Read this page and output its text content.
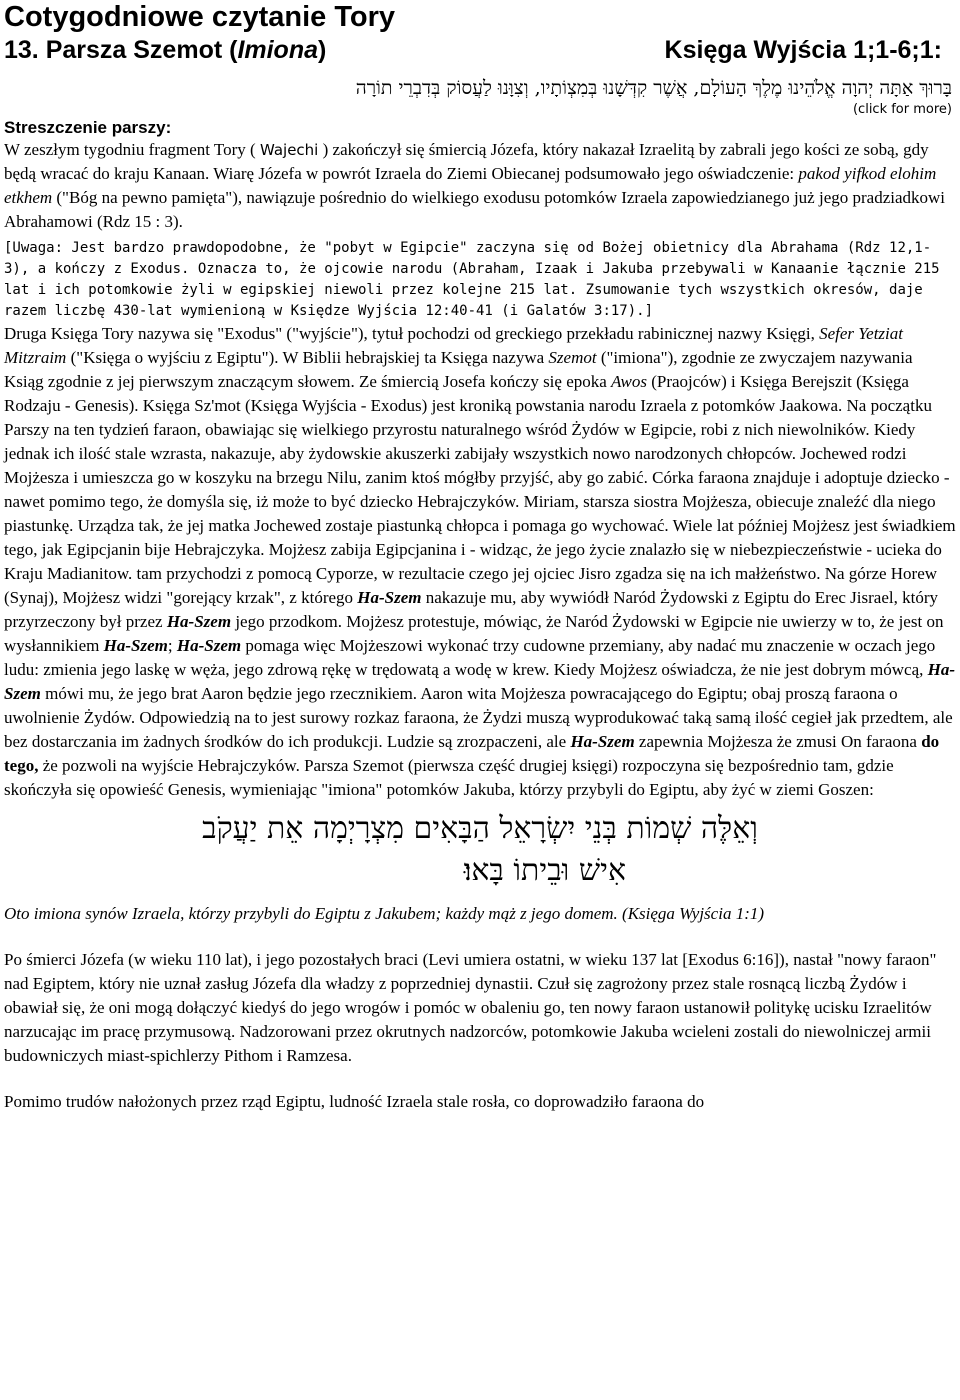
Cotygodniowe czytanie Tory
13. Parsza Szemot (Imiona)	Księga Wyjścia 1;1-6;1:
בָּרוּךְ אַתָּה יְהוָה אֱלֹהֵינוּ מֶלֶךְ הָעוֹלָם, אֲשֶׁר קִדְּשָׁנוּ בְּמִצְוֹתָיו, וְצִוָּנוּ לַעֲסוֹק בְּדִבְרֵי תוֹרָה
(click for more)
Streszczenie parszy:

W zeszłym tygodniu fragment Tory ( Wajechi ) zakończył się śmiercią Józefa, który nakazał Izraelitą by zabrali jego kości ze sobą, gdy będą wracać do kraju Kanaan. Wiarę Józefa w powrót Izraela do Ziemi Obiecanej podsumowało jego oświadczenie: pakod yifkod elohim etkhem ("Bóg na pewno pamięta"), nawiązuje pośrednio do wielkiego exodusu potomków Izraela zapowiedzianego już jego pradziadkowi Abrahamowi (Rdz 15 : 3).

[Uwaga: Jest bardzo prawdopodobne, że "pobyt w Egipcie" zaczyna się od Bożej obietnicy dla Abrahama (Rdz 12,1-3), a kończy z Exodus. Oznacza to, że ojcowie narodu (Abraham, Izaak i Jakuba przebywali w Kanaanie łącznie 215 lat i ich potomkowie żyli w egipskiej niewoli przez kolejne 215 lat. Zsumowanie tych wszystkich okresów, daje razem liczbę 430-lat wymienioną w Księdze Wyjścia 12:40-41 (i Galatów 3:17).]

Druga Księga Tory nazywa się "Exodus" ("wyjście"), tytuł pochodzi od greckiego przekładu rabinicznej nazwy Księgi, Sefer Yetziat Mitzraim ("Księga o wyjściu z Egiptu"). W Biblii hebrajskiej ta Księga nazywa Szemot ("imiona"), zgodnie ze zwyczajem nazywania Ksiąg zgodnie z jej pierwszym znaczącym słowem. Ze śmiercią Josefa kończy się epoka Awos (Praojców) i Księga Berejszit (Księga Rodzaju - Genesis). Księga Sz'mot (Księga Wyjścia - Exodus) jest kroniką powstania narodu Izraela z potomków Jaakowa. Na początku Parszy na ten tydzień faraon, obawiając się wielkiego przyrostu naturalnego wśród Żydów w Egipcie, robi z nich niewolników. Kiedy jednak ich ilość stale wzrasta, nakazuje, aby żydowskie akuszerki zabijały wszystkich nowo narodzonych chłopców. Jochewed rodzi Mojżesza i umieszcza go w koszyku na brzegu Nilu, zanim ktoś mógłby przyjść, aby go zabić. Córka faraona znajduje i adoptuje dziecko - nawet pomimo tego, że domyśla się, iż może to być dziecko Hebrajczyków. Miriam, starsza siostra Mojżesza, obiecuje znaleźć dla niego piastunkę. Urządza tak, że jej matka Jochewed zostaje piastunką chłopca i pomaga go wychować. Wiele lat później Mojżesz jest świadkiem tego, jak Egipcjanin bije Hebrajczyka. Mojżesz zabija Egipcjanina i - widząc, że jego życie znalazło się w niebezpieczeństwie - ucieka do Kraju Madianitow. tam przychodzi z pomocą Cyporze, w rezultacie czego jej ojciec Jisro zgadza się na ich małżeństwo. Na górze Horew (Synaj), Mojżesz widzi "gorejący krzak", z którego Ha-Szem nakazuje mu, aby wywiódł Naród Żydowski z Egiptu do Erec Jisrael, który przyrzeczony był przez Ha-Szem jego przodkom. Mojżesz protestuje, mówiąc, że Naród Żydowski w Egipcie nie uwierzy w to, że jest on wysłannikiem Ha-Szem; Ha-Szem pomaga więc Mojżeszowi wykonać trzy cudowne przemiany, aby nadać mu znaczenie w oczach jego ludu: zmienia jego laskę w węża, jego zdrową rękę w trędowatą a wodę w krew. Kiedy Mojżesz oświadcza, że nie jest dobrym mówcą, Ha-Szem mówi mu, że jego brat Aaron będzie jego rzecznikiem. Aaron wita Mojżesza powracającego do Egiptu; obaj proszą faraona o uwolnienie Żydów. Odpowiedzią na to jest surowy rozkaz faraona, że Żydzi muszą wyprodukować taką samą ilość cegieł jak przedtem, ale bez dostarczania im żadnych środków do ich produkcji. Ludzie są zrozpaczeni, ale Ha-Szem zapewnia Mojżesza że zmusi On faraona do tego, że pozwoli na wyjście Hebrajczyków. Parsza Szemot (pierwsza część drugiej księgi) rozpoczyna się bezpośrednio tam, gdzie skończyła się opowieść Genesis, wymieniając "imiona" potomków Jakuba, którzy przybyli do Egiptu, aby żyć w ziemi Goszen:

וְאֵלֶּה שְׁמוֹת בְּנֵי יִשְׂרָאֵל הַבָּאִים מִצְרָיְמָה אֵת יַעֲקֹב
אִישׁ וּבֵיתוֹ בָּאוּ׃

Oto imiona synów Izraela, którzy przybyli do Egiptu z Jakubem; każdy mąż z jego domem. (Księga Wyjścia 1:1)

Po śmierci Józefa (w wieku 110 lat), i jego pozostałych braci (Levi umiera ostatni, w wieku 137 lat [Exodus 6:16]), nastał "nowy faraon" nad Egiptem, który nie uznał zasług Józefa dla władzy z poprzedniej dynastii. Czuł się zagrożony przez stale rosnącą liczbą Żydów i obawiał się, że oni mogą dołączyć kiedyś do jego wrogów i pomóc w obaleniu go, ten nowy faraon ustanowił politykę ucisku Izraelitów narzucając im pracę przymusową. Nadzorowani przez okrutnych nadzorców, potomkowie Jakuba wcieleni zostali do niewolniczej armii budowniczych miast-spichlerzy Pithom i Ramzesa.

Pomimo trudów nałożonych przez rząd Egiptu, ludność Izraela stale rosła, co doprowadziło faraona do
